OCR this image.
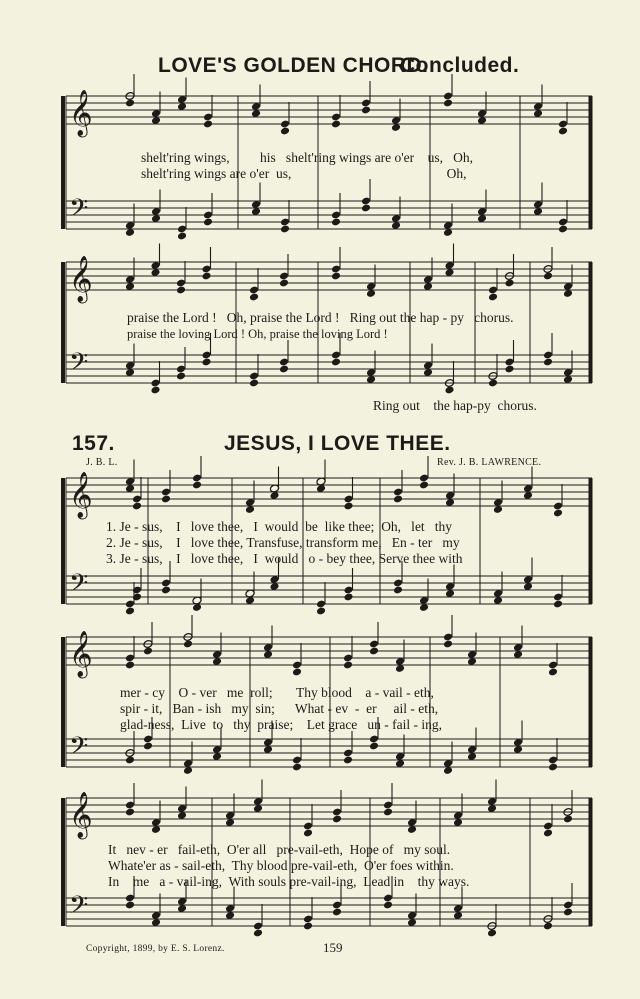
LOVE'S GOLDEN CHORD.
Concluded.
𝄞
𝄢
𝄞
𝄢
𝄞
𝄢
𝄞
𝄢
𝄞
𝄢
shelt'ring wings,         his   shelt'ring wings are o'er    us,   Oh,
shelt'ring wings are o'er  us,                                              Oh,
praise the Lord !   Oh, praise the Lord !   Ring out the hap - py   chorus.
praise the loving Lord ! Oh, praise the loving Lord !
Ring out    the hap-py  chorus.
157.	JESUS, I LOVE THEE.
J. B. L.	Rev. J. B. LAWRENCE.
1. Je - sus,    I   love thee,   I  would  be  like thee;  Oh,   let   thy
2. Je - sus,    I   love thee, Transfuse, transform me,   En - ter   my
3. Je - sus,    I   love thee,   I  would   o - bey thee, Serve thee with
mer - cy    O - ver   me  roll;       Thy blood    a - vail - eth,
spir - it,   Ban - ish   my  sin;      What - ev  -  er     ail - eth,
glad-ness,  Live  to   thy  praise;    Let grace   un - fail - ing,
It   nev - er   fail-eth,  O'er all   pre-vail-eth,  Hope of   my soul.
Whate'er as - sail-eth,  Thy blood pre-vail-eth,  O'er foes within.
In    me   a - vail-ing,  With souls pre-vail-ing,  Lead in    thy ways.
Copyright, 1899, by E. S. Lorenz.	159
